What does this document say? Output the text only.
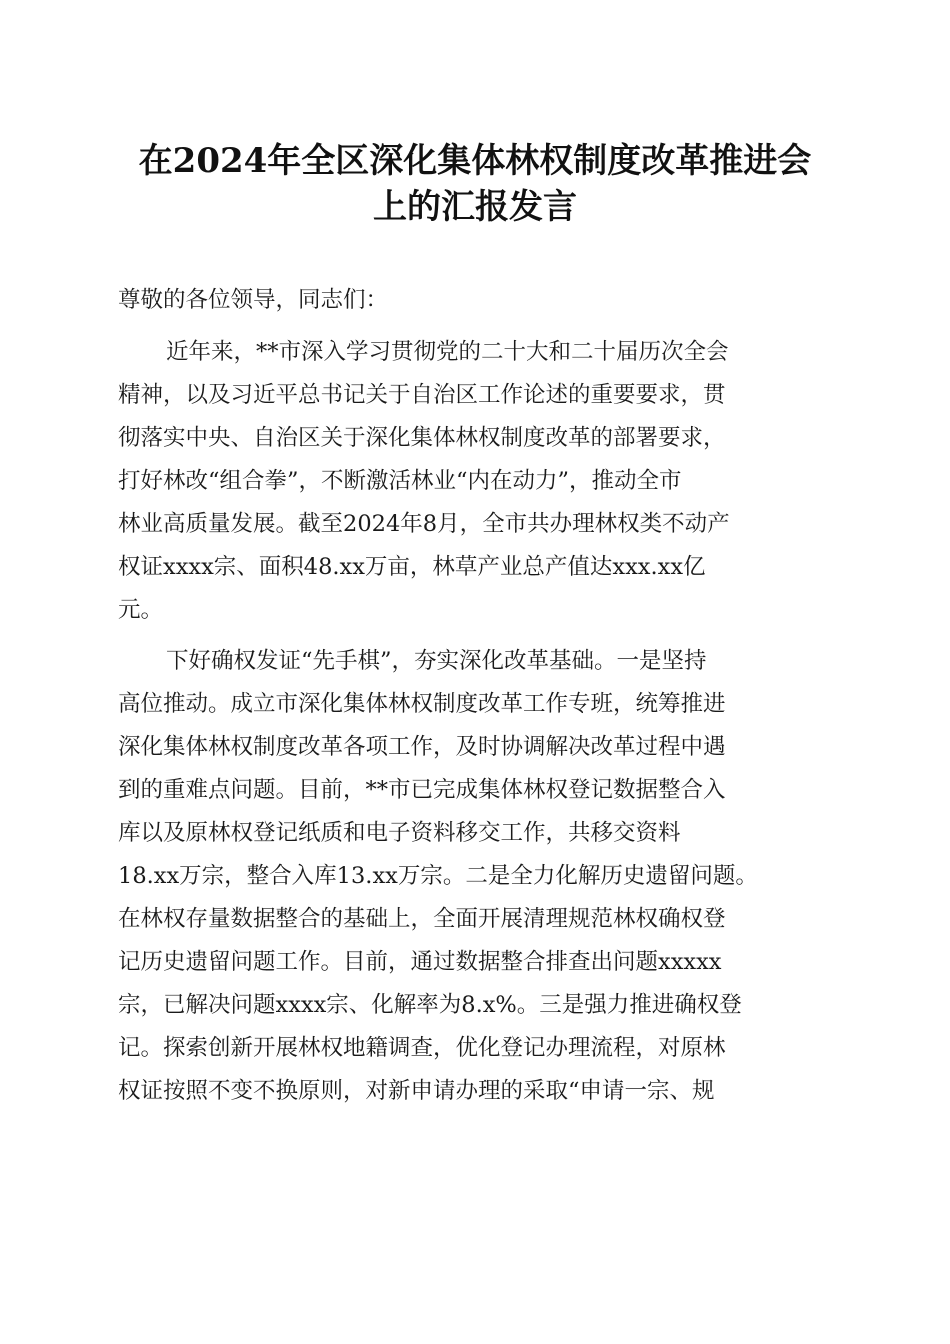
在2024年全区深化集体林权制度改革推进会
上的汇报发言
尊敬的各位领导，同志们：
近年来，**市深入学习贯彻党的二十大和二十届历次全会
精神，以及习近平总书记关于自治区工作论述的重要要求，贯
彻落实中央、自治区关于深化集体林权制度改革的部署要求，
打好林改“组合拳”，不断激活林业“内在动力”，推动全市
林业高质量发展。截至2024年8月，全市共办理林权类不动产
权证xxxx宗、面积48.xx万亩，林草产业总产值达xxx.xx亿
元。
下好确权发证“先手棋”，夯实深化改革基础。一是坚持
高位推动。成立市深化集体林权制度改革工作专班，统筹推进
深化集体林权制度改革各项工作，及时协调解决改革过程中遇
到的重难点问题。目前，**市已完成集体林权登记数据整合入
库以及原林权登记纸质和电子资料移交工作，共移交资料
18.xx万宗，整合入库13.xx万宗。二是全力化解历史遗留问题。
在林权存量数据整合的基础上，全面开展清理规范林权确权登
记历史遗留问题工作。目前，通过数据整合排查出问题xxxxx
宗，已解决问题xxxx宗、化解率为8.x%。三是强力推进确权登
记。探索创新开展林权地籍调查，优化登记办理流程，对原林
权证按照不变不换原则，对新申请办理的采取“申请一宗、规
